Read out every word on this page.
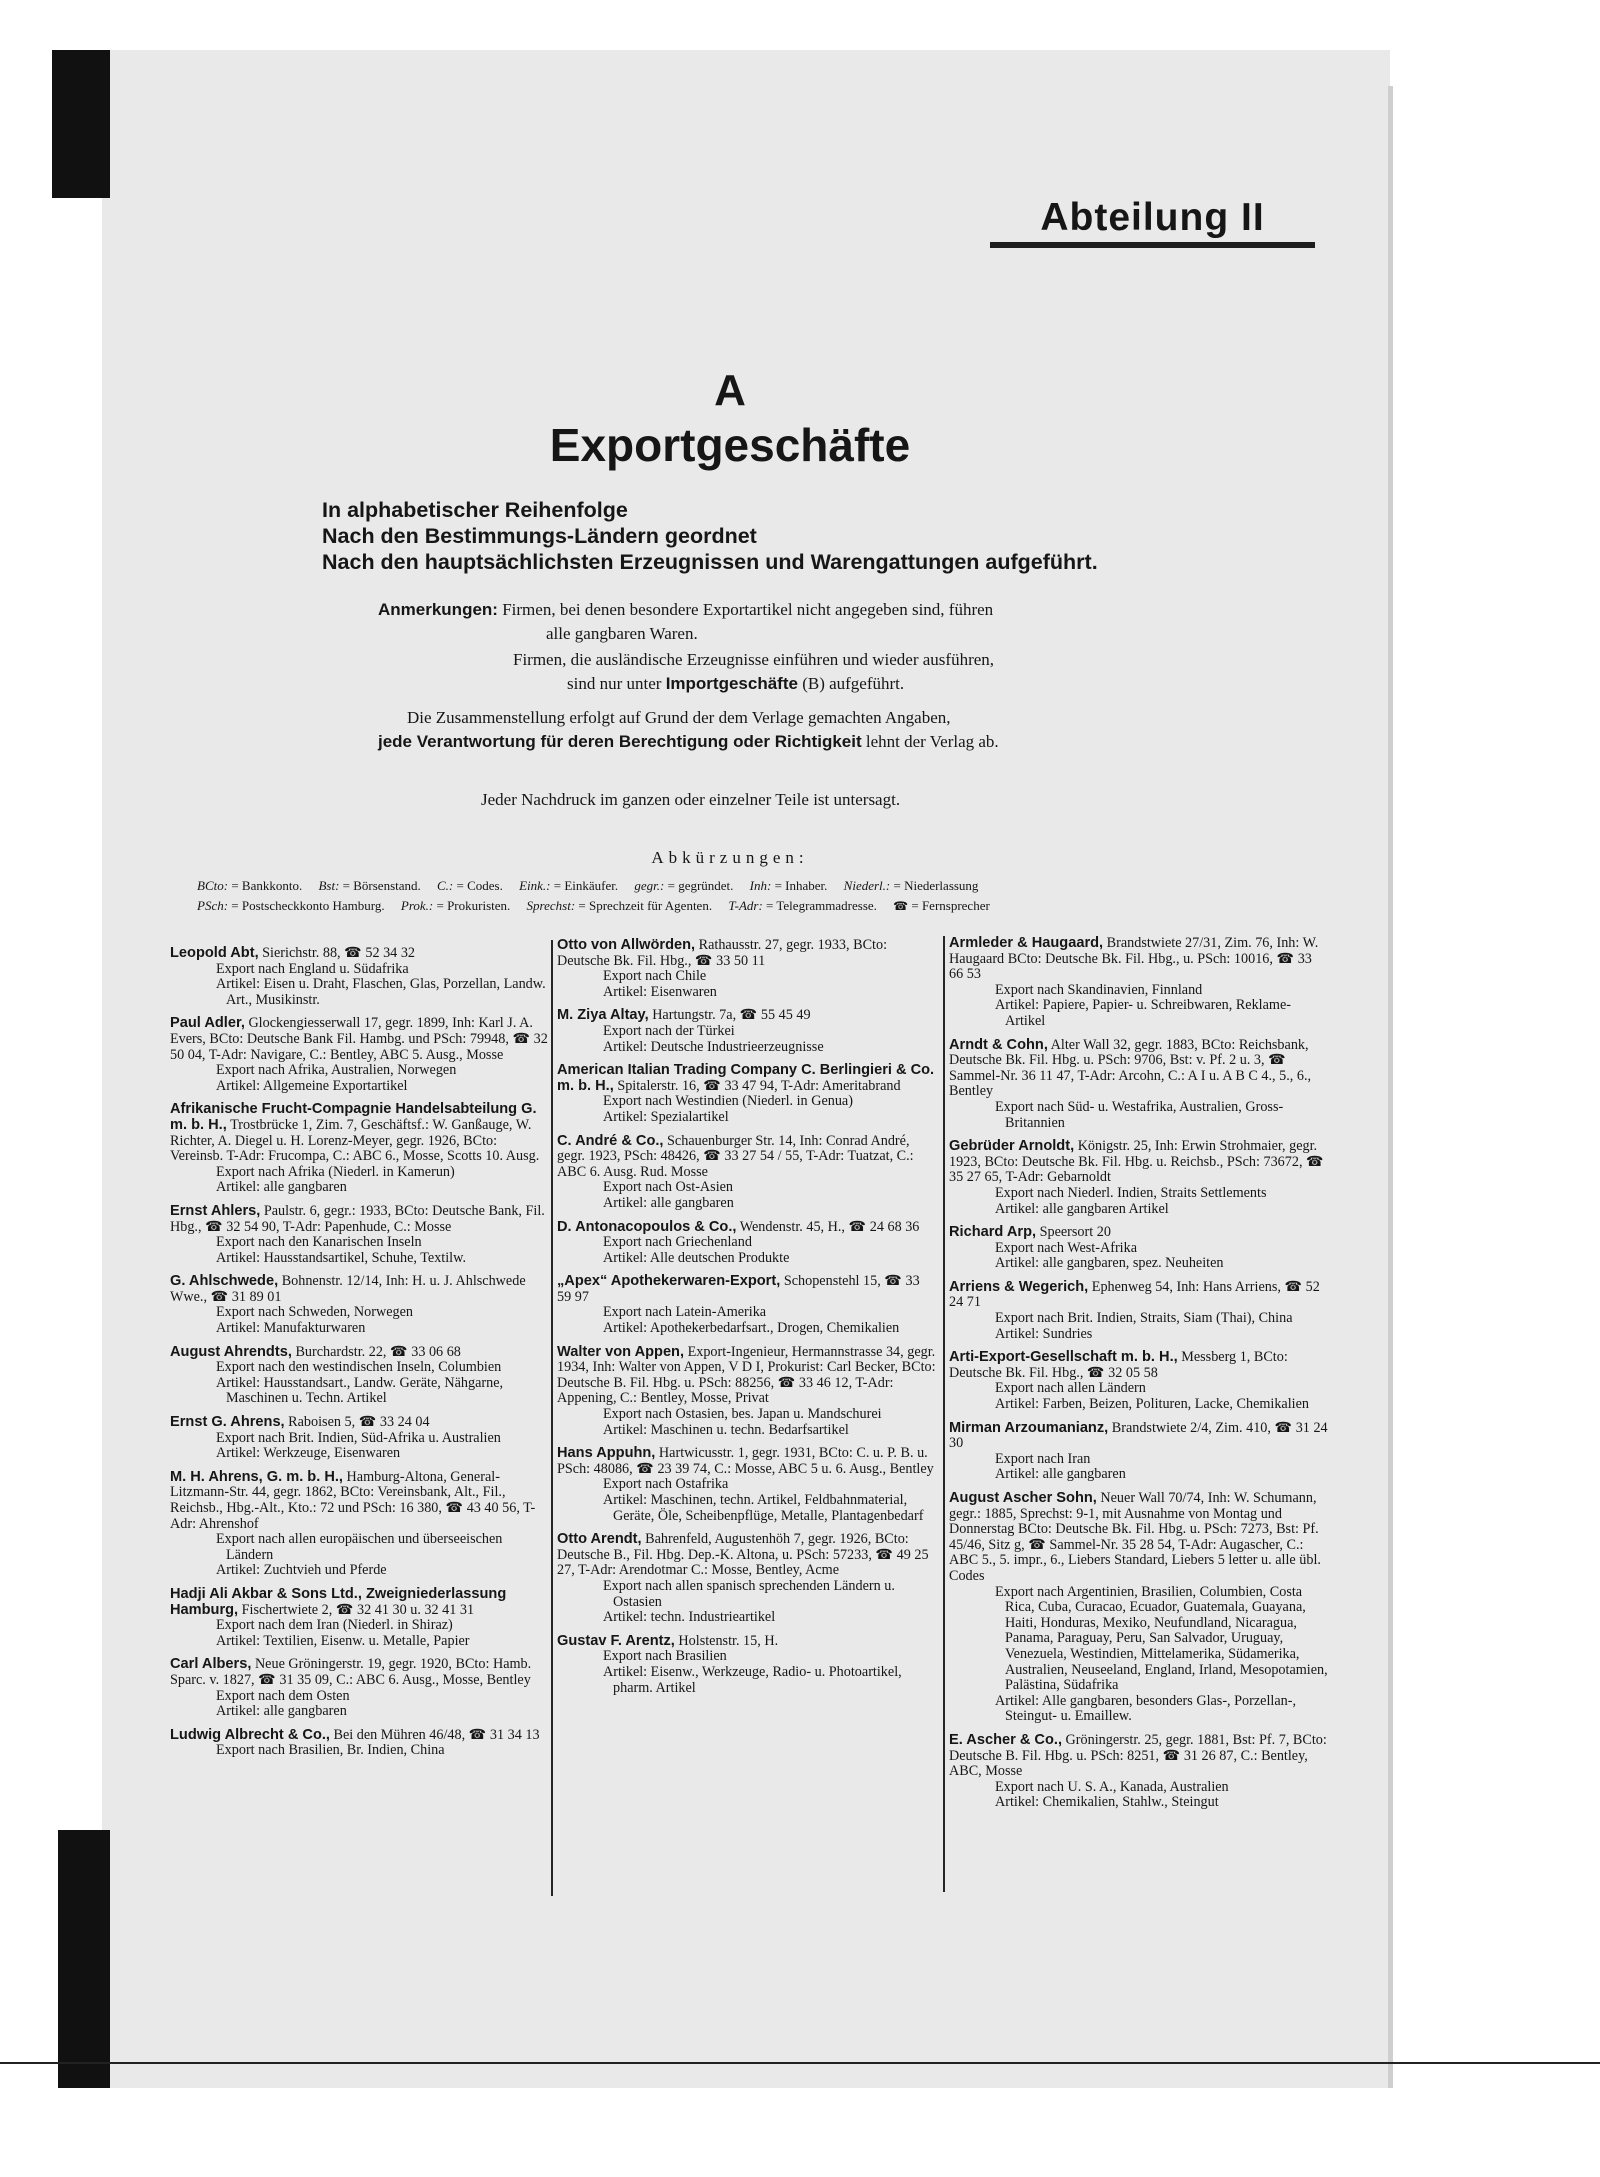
Abteilung II
A
Exportgeschäfte
In alphabetischer Reihenfolge
Nach den Bestimmungs-Ländern geordnet
Nach den hauptsächlichsten Erzeugnissen und Warengattungen aufgeführt.
Anmerkungen: Firmen, bei denen besondere Exportartikel nicht angegeben sind, führen
alle gangbaren Waren.
Firmen, die ausländische Erzeugnisse einführen und wieder ausführen,
sind nur unter Importgeschäfte (B) aufgeführt.
Die Zusammenstellung erfolgt auf Grund der dem Verlage gemachten Angaben,
jede Verantwortung für deren Berechtigung oder Richtigkeit lehnt der Verlag ab.
Jeder Nachdruck im ganzen oder einzelner Teile ist untersagt.
Abkürzungen:
BCto: = Bankkonto. Bst: = Börsenstand. C.: = Codes. Eink.: = Einkäufer. gegr.: = gegründet. Inh: = Inhaber. Niederl.: = Niederlassung
PSch: = Postscheckkonto Hamburg. Prok.: = Prokuristen. Sprechst: = Sprechzeit für Agenten. T-Adr: = Telegrammadresse. ☎ = Fernsprecher
Leopold Abt, Sierichstr. 88, ☎ 52 34 32
Export nach England u. Südafrika
Artikel: Eisen u. Draht, Flaschen, Glas, Porzellan, Landw. Art., Musikinstr.
Paul Adler, Glockengiesserwall 17, gegr. 1899, Inh: Karl J. A. Evers, BCto: Deutsche Bank Fil. Hambg. und PSch: 79948, ☎ 32 50 04, T-Adr: Navigare, C.: Bentley, ABC 5. Ausg., Mosse
Export nach Afrika, Australien, Norwegen
Artikel: Allgemeine Exportartikel
Afrikanische Frucht-Compagnie Handelsabteilung G. m. b. H., Trostbrücke 1, Zim. 7, Geschäftsf.: W. Ganßauge, W. Richter, A. Diegel u. H. Lorenz-Meyer, gegr. 1926, BCto: Vereinsb. T-Adr: Frucompa, C.: ABC 6., Mosse, Scotts 10. Ausg.
Export nach Afrika (Niederl. in Kamerun)
Artikel: alle gangbaren
Ernst Ahlers, Paulstr. 6, gegr.: 1933, BCto: Deutsche Bank, Fil. Hbg., ☎ 32 54 90, T-Adr: Papenhude, C.: Mosse
Export nach den Kanarischen Inseln
Artikel: Hausstandsartikel, Schuhe, Textilw.
G. Ahlschwede, Bohnenstr. 12/14, Inh: H. u. J. Ahlschwede Wwe., ☎ 31 89 01
Export nach Schweden, Norwegen
Artikel: Manufakturwaren
August Ahrendts, Burchardstr. 22, ☎ 33 06 68
Export nach den westindischen Inseln, Columbien
Artikel: Hausstandsart., Landw. Geräte, Nähgarne, Maschinen u. Techn. Artikel
Ernst G. Ahrens, Raboisen 5, ☎ 33 24 04
Export nach Brit. Indien, Süd-Afrika u. Australien
Artikel: Werkzeuge, Eisenwaren
M. H. Ahrens, G. m. b. H., Hamburg-Altona, General-Litzmann-Str. 44, gegr. 1862, BCto: Vereinsbank, Alt., Fil., Reichsb., Hbg.-Alt., Kto.: 72 und PSch: 16 380, ☎ 43 40 56, T-Adr: Ahrenshof
Export nach allen europäischen und überseeischen Ländern
Artikel: Zuchtvieh und Pferde
Hadji Ali Akbar & Sons Ltd., Zweigniederlassung Hamburg, Fischertwiete 2, ☎ 32 41 30 u. 32 41 31
Export nach dem Iran (Niederl. in Shiraz)
Artikel: Textilien, Eisenw. u. Metalle, Papier
Carl Albers, Neue Gröningerstr. 19, gegr. 1920, BCto: Hamb. Sparc. v. 1827, ☎ 31 35 09, C.: ABC 6. Ausg., Mosse, Bentley
Export nach dem Osten
Artikel: alle gangbaren
Ludwig Albrecht & Co., Bei den Mühren 46/48, ☎ 31 34 13
Export nach Brasilien, Br. Indien, China
Otto von Allwörden, Rathausstr. 27, gegr. 1933, BCto: Deutsche Bk. Fil. Hbg., ☎ 33 50 11
Export nach Chile
Artikel: Eisenwaren
M. Ziya Altay, Hartungstr. 7a, ☎ 55 45 49
Export nach der Türkei
Artikel: Deutsche Industrieerzeugnisse
American Italian Trading Company C. Berlingieri & Co. m. b. H., Spitalerstr. 16, ☎ 33 47 94, T-Adr: Ameritabrand
Export nach Westindien (Niederl. in Genua)
Artikel: Spezialartikel
C. André & Co., Schauenburger Str. 14, Inh: Conrad André, gegr. 1923, PSch: 48426, ☎ 33 27 54 / 55, T-Adr: Tuatzat, C.: ABC 6. Ausg. Rud. Mosse
Export nach Ost-Asien
Artikel: alle gangbaren
D. Antonacopoulos & Co., Wendenstr. 45, H., ☎ 24 68 36
Export nach Griechenland
Artikel: Alle deutschen Produkte
„Apex“ Apothekerwaren-Export, Schopenstehl 15, ☎ 33 59 97
Export nach Latein-Amerika
Artikel: Apothekerbedarfsart., Drogen, Chemikalien
Walter von Appen, Export-Ingenieur, Hermannstrasse 34, gegr. 1934, Inh: Walter von Appen, V D I, Prokurist: Carl Becker, BCto: Deutsche B. Fil. Hbg. u. PSch: 88256, ☎ 33 46 12, T-Adr: Appening, C.: Bentley, Mosse, Privat
Export nach Ostasien, bes. Japan u. Mandschurei
Artikel: Maschinen u. techn. Bedarfsartikel
Hans Appuhn, Hartwicusstr. 1, gegr. 1931, BCto: C. u. P. B. u. PSch: 48086, ☎ 23 39 74, C.: Mosse, ABC 5 u. 6. Ausg., Bentley
Export nach Ostafrika
Artikel: Maschinen, techn. Artikel, Feldbahnmaterial, Geräte, Öle, Scheibenpflüge, Metalle, Plantagenbedarf
Otto Arendt, Bahrenfeld, Augustenhöh 7, gegr. 1926, BCto: Deutsche B., Fil. Hbg. Dep.-K. Altona, u. PSch: 57233, ☎ 49 25 27, T-Adr: Arendotmar C.: Mosse, Bentley, Acme
Export nach allen spanisch sprechenden Ländern u. Ostasien
Artikel: techn. Industrieartikel
Gustav F. Arentz, Holstenstr. 15, H.
Export nach Brasilien
Artikel: Eisenw., Werkzeuge, Radio- u. Photoartikel, pharm. Artikel
Armleder & Haugaard, Brandstwiete 27/31, Zim. 76, Inh: W. Haugaard BCto: Deutsche Bk. Fil. Hbg., u. PSch: 10016, ☎ 33 66 53
Export nach Skandinavien, Finnland
Artikel: Papiere, Papier- u. Schreibwaren, Reklame-Artikel
Arndt & Cohn, Alter Wall 32, gegr. 1883, BCto: Reichsbank, Deutsche Bk. Fil. Hbg. u. PSch: 9706, Bst: v. Pf. 2 u. 3, ☎ Sammel-Nr. 36 11 47, T-Adr: Arcohn, C.: A I u. A B C 4., 5., 6., Bentley
Export nach Süd- u. Westafrika, Australien, Gross-Britannien
Gebrüder Arnoldt, Königstr. 25, Inh: Erwin Strohmaier, gegr. 1923, BCto: Deutsche Bk. Fil. Hbg. u. Reichsb., PSch: 73672, ☎ 35 27 65, T-Adr: Gebarnoldt
Export nach Niederl. Indien, Straits Settlements
Artikel: alle gangbaren Artikel
Richard Arp, Speersort 20
Export nach West-Afrika
Artikel: alle gangbaren, spez. Neuheiten
Arriens & Wegerich, Ephenweg 54, Inh: Hans Arriens, ☎ 52 24 71
Export nach Brit. Indien, Straits, Siam (Thai), China
Artikel: Sundries
Arti-Export-Gesellschaft m. b. H., Messberg 1, BCto: Deutsche Bk. Fil. Hbg., ☎ 32 05 58
Export nach allen Ländern
Artikel: Farben, Beizen, Polituren, Lacke, Chemikalien
Mirman Arzoumanianz, Brandstwiete 2/4, Zim. 410, ☎ 31 24 30
Export nach Iran
Artikel: alle gangbaren
August Ascher Sohn, Neuer Wall 70/74, Inh: W. Schumann, gegr.: 1885, Sprechst: 9-1, mit Ausnahme von Montag und Donnerstag BCto: Deutsche Bk. Fil. Hbg. u. PSch: 7273, Bst: Pf. 45/46, Sitz g, ☎ Sammel-Nr. 35 28 54, T-Adr: Augascher, C.: ABC 5., 5. impr., 6., Liebers Standard, Liebers 5 letter u. alle übl. Codes
Export nach Argentinien, Brasilien, Columbien, Costa Rica, Cuba, Curacao, Ecuador, Guatemala, Guayana, Haiti, Honduras, Mexiko, Neufundland, Nicaragua, Panama, Paraguay, Peru, San Salvador, Uruguay, Venezuela, Westindien, Mittelamerika, Südamerika, Australien, Neuseeland, England, Irland, Mesopotamien, Palästina, Südafrika
Artikel: Alle gangbaren, besonders Glas-, Porzellan-, Steingut- u. Emaillew.
E. Ascher & Co., Gröningerstr. 25, gegr. 1881, Bst: Pf. 7, BCto: Deutsche B. Fil. Hbg. u. PSch: 8251, ☎ 31 26 87, C.: Bentley, ABC, Mosse
Export nach U. S. A., Kanada, Australien
Artikel: Chemikalien, Stahlw., Steingut
